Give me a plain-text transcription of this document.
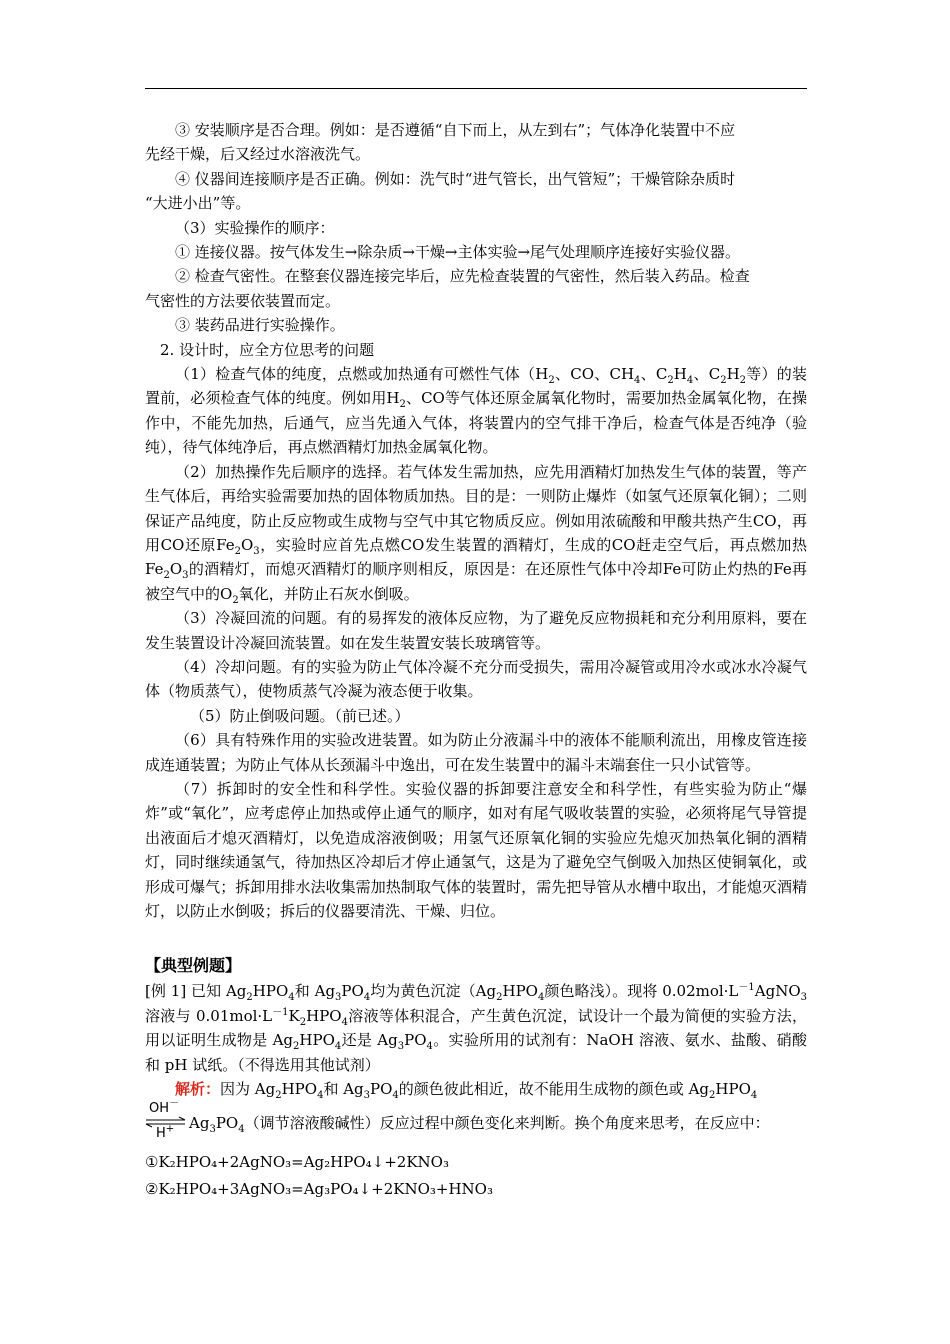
③ 安装顺序是否合理。例如：是否遵循“自下而上，从左到右”；气体净化装置中不应

先经干燥，后又经过水溶液洗气。

④ 仪器间连接顺序是否正确。例如：洗气时“进气管长，出气管短”；干燥管除杂质时

“大进小出”等。

（3）实验操作的顺序：

① 连接仪器。按气体发生→除杂质→干燥→主体实验→尾气处理顺序连接好实验仪器。

② 检查气密性。在整套仪器连接完毕后，应先检查装置的气密性，然后装入药品。检查

气密性的方法要依装置而定。

③ 装药品进行实验操作。

2. 设计时，应全方位思考的问题

（1）检查气体的纯度，点燃或加热通有可燃性气体（$H_2$、CO、$CH_4$、$C_2H_4$、$C_2H_2$等）的装置前，必须检查气体的纯度。例如用$H_2$、CO等气体还原金属氧化物时，需要加热金属氧化物，在操作中，不能先加热，后通气，应当先通入气体，将装置内的空气排干净后，检查气体是否纯净（验纯），待气体纯净后，再点燃酒精灯加热金属氧化物。

（2）加热操作先后顺序的选择。若气体发生需加热，应先用酒精灯加热发生气体的装置，等产生气体后，再给实验需要加热的固体物质加热。目的是：一则防止爆炸（如氢气还原氧化铜）；二则保证产品纯度，防止反应物或生成物与空气中其它物质反应。例如用浓硫酸和甲酸共热产生CO，再用CO还原$Fe_2O_3$，实验时应首先点燃CO发生装置的酒精灯，生成的CO赶走空气后，再点燃加热$Fe_2O_3$的酒精灯，而熄灭酒精灯的顺序则相反，原因是：在还原性气体中冷却Fe可防止灼热的Fe再被空气中的$O_2$氧化，并防止石灰水倒吸。

（3）冷凝回流的问题。有的易挥发的液体反应物，为了避免反应物损耗和充分利用原料，要在发生装置设计冷凝回流装置。如在发生装置安装长玻璃管等。

（4）冷却问题。有的实验为防止气体冷凝不充分而受损失，需用冷凝管或用冷水或冰水冷凝气体（物质蒸气），使物质蒸气冷凝为液态便于收集。

（5）防止倒吸问题。（前已述。）

（6）具有特殊作用的实验改进装置。如为防止分液漏斗中的液体不能顺利流出，用橡皮管连接成连通装置；为防止气体从长颈漏斗中逸出，可在发生装置中的漏斗末端套住一只小试管等。

（7）拆卸时的安全性和科学性。实验仪器的拆卸要注意安全和科学性，有些实验为防止“爆炸”或“氧化”，应考虑停止加热或停止通气的顺序，如对有尾气吸收装置的实验，必须将尾气导管提出液面后才熄灭酒精灯，以免造成溶液倒吸；用氢气还原氧化铜的实验应先熄灭加热氧化铜的酒精灯，同时继续通氢气，待加热区冷却后才停止通氢气，这是为了避免空气倒吸入加热区使铜氧化，或形成可爆气；拆卸用排水法收集需加热制取气体的装置时，需先把导管从水槽中取出，才能熄灭酒精灯，以防止水倒吸；拆后的仪器要清洗、干燥、归位。

【典型例题】

[例 1] 已知 $Ag_2HPO_4$和 $Ag_3PO_4$均为黄色沉淀（$Ag_2HPO_4$颜色略浅）。现将 $0.02mol\cdot L^{-1}AgNO_3$溶液与 $0.01mol\cdot L^{-1}K_2HPO_4$溶液等体积混合，产生黄色沉淀，试设计一个最为简便的实验方法，用以证明生成物是 $Ag_2HPO_4$还是 $Ag_3PO_4$。实验所用的试剂有：NaOH 溶液、氨水、盐酸、硝酸和 pH 试纸。（不得选用其他试剂）

解析：因为 $Ag_2HPO_4$和 $Ag_3PO_4$的颜色彼此相近，故不能用生成物的颜色或 $Ag_2HPO_4$

OH－
H+ $Ag_3PO_4$（调节溶液酸碱性）反应过程中颜色变化来判断。换个角度来思考，在反应中：

①K₂HPO₄+2AgNO₃=Ag₂HPO₄↓+2KNO₃

②K₂HPO₄+3AgNO₃=Ag₃PO₄↓+2KNO₃+HNO₃
